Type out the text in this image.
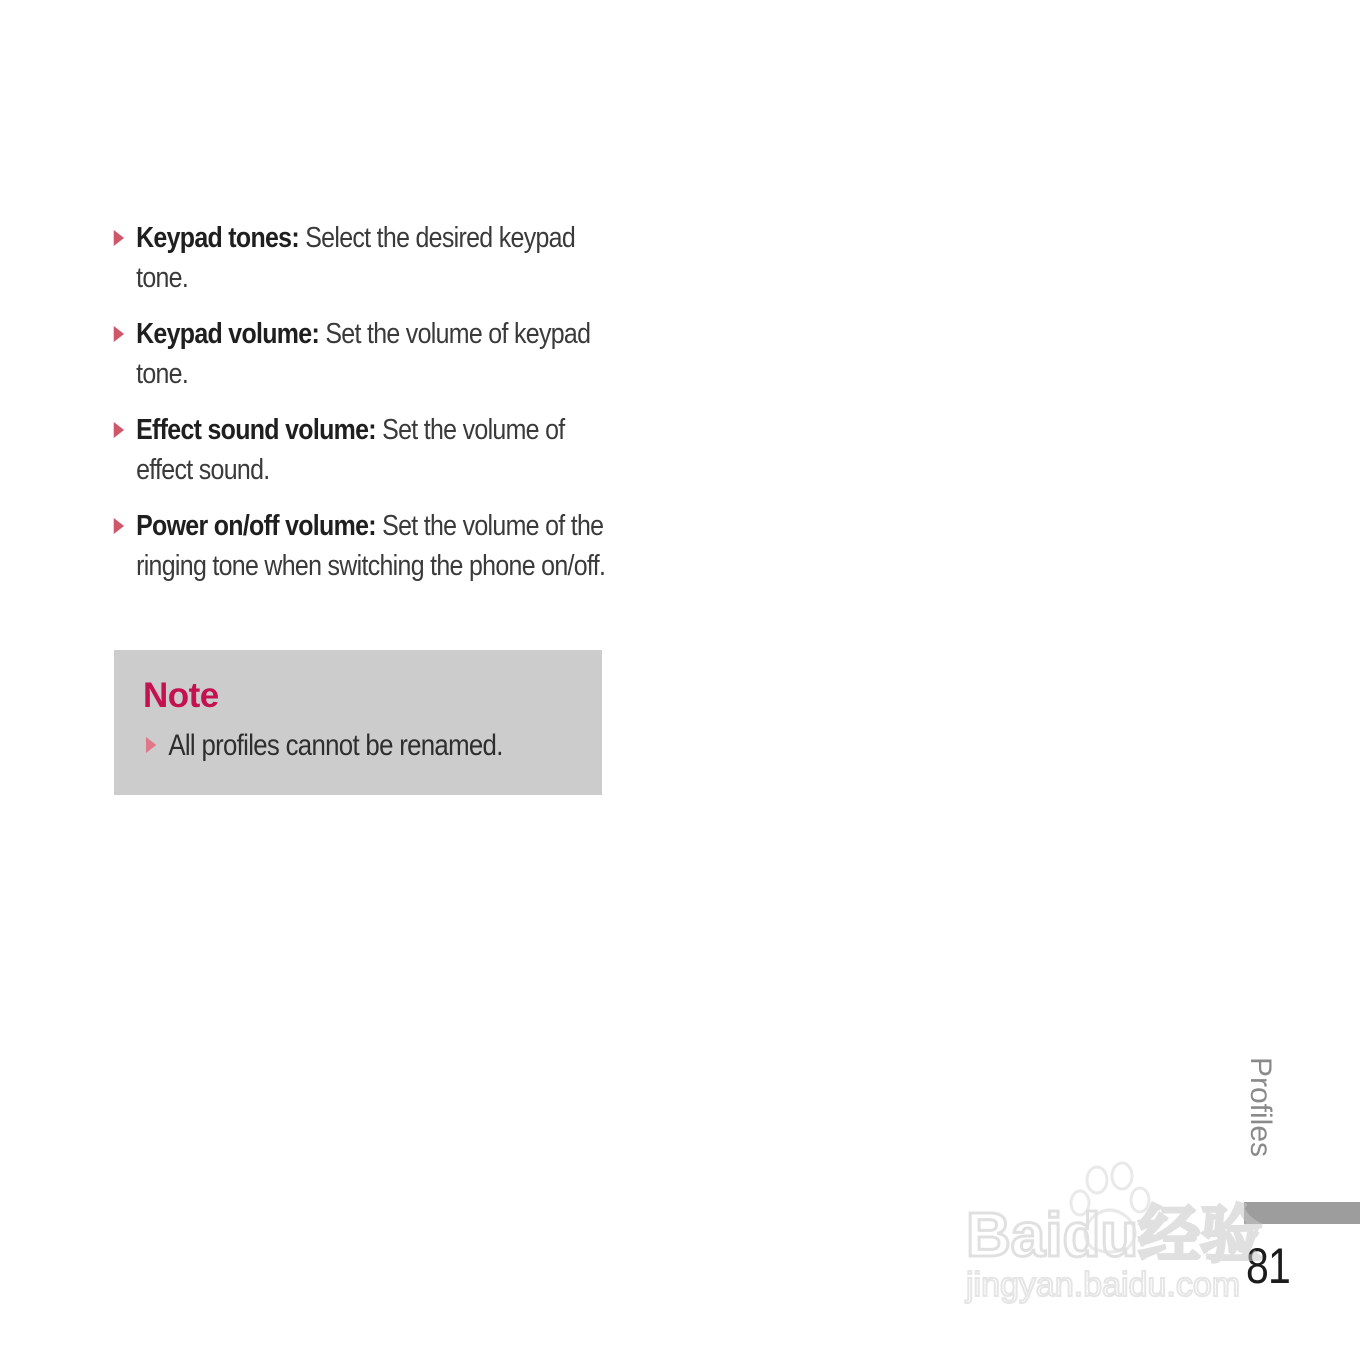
Keypad tones: Select the desired keypad tone.
Keypad volume: Set the volume of keypad tone.
Effect sound volume: Set the volume of effect sound.
Power on/off volume: Set the volume of the ringing tone when switching the phone on/off.
Note
All profiles cannot be renamed.
Profiles
81
Baidu经验
jingyan.baidu.com
